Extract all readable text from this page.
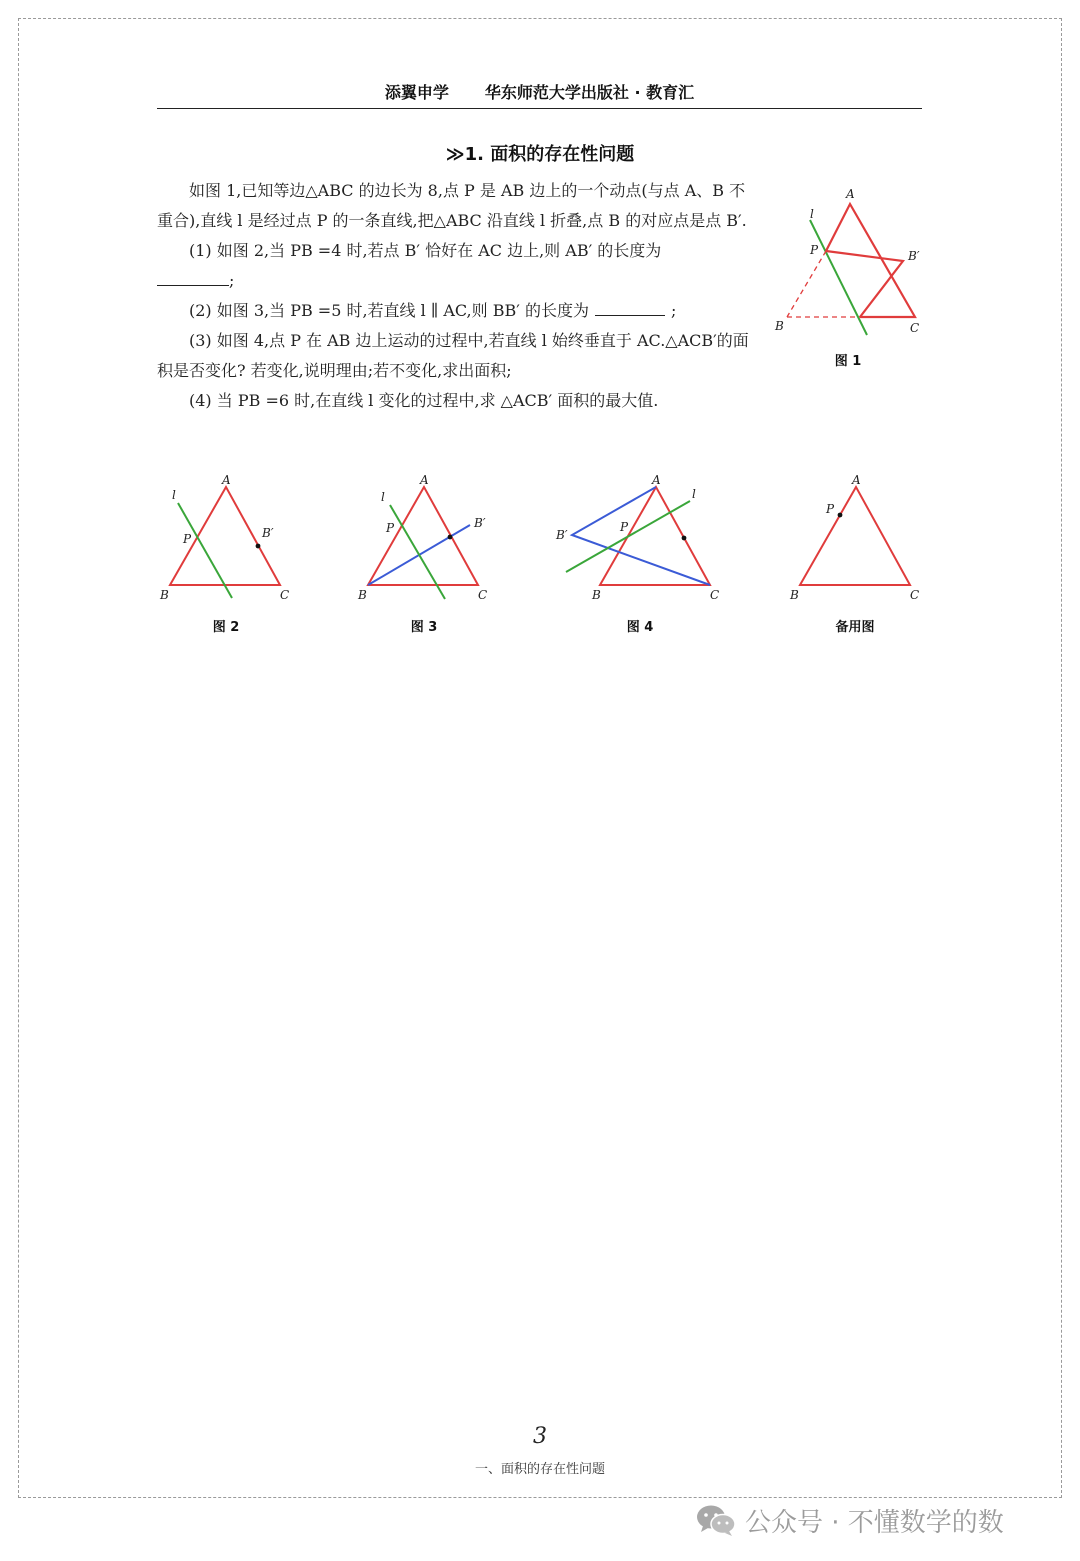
添翼申学 华东师范大学出版社 · 教育汇
≫1. 面积的存在性问题

如图 1,已知等边△ABC 的边长为 8,点 P 是 AB 边上的一个动点(与点 A、B 不重合),直线 l 是经过点 P 的一条直线,把△ABC 沿直线 l 折叠,点 B 的对应点是点 B′.

(1) 如图 2,当 PB =4 时,若点 B′ 恰好在 AC 边上,则 AB′ 的长度为
;

(2) 如图 3,当 PB =5 时,若直线 l ∥ AC,则 BB′ 的长度为	;

(3) 如图 4,点 P 在 AB 边上运动的过程中,若直线 l 始终垂直于 AC.△ACB′的面积是否变化? 若变化,说明理由;若不变化,求出面积;

(4) 当 PB =6 时,在直线 l 变化的过程中,求 △ACB′ 面积的最大值.

A
l
P	B′
B	C
图 1
A
l
P	B′
B	C
图 2
A
l
P	B′
B	C
图 3
A
l
P
B′
B	C
图 4
A
P
B	C
备用图
3
一、面积的存在性问题
公众号 · 不懂数学的数
